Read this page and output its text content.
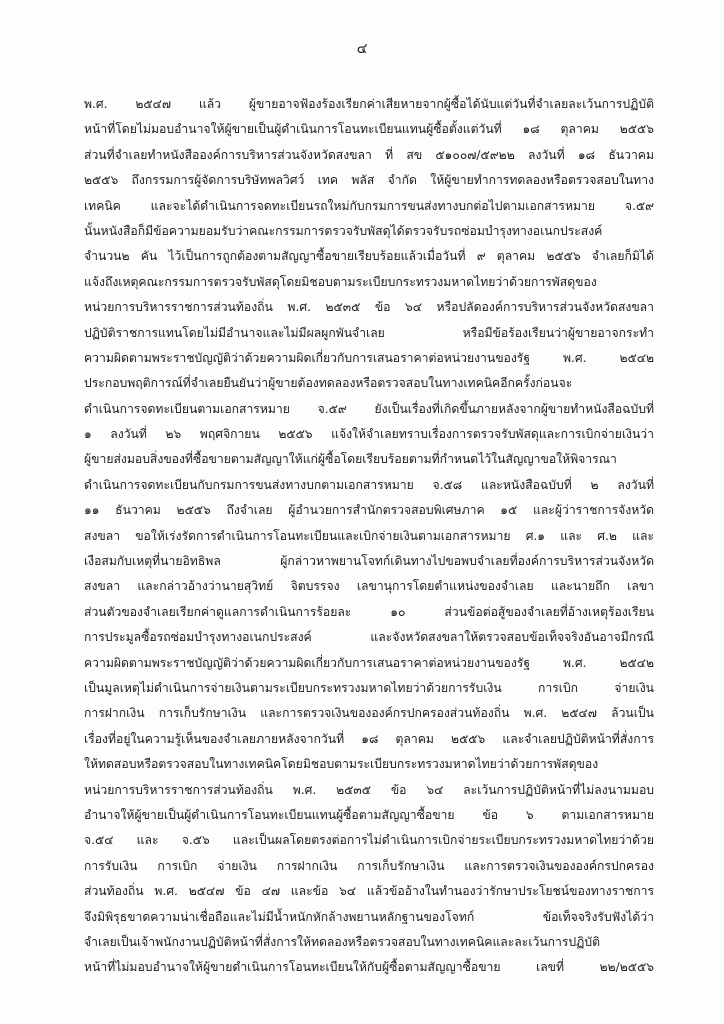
๔
พ.ศ. ๒๕๔๗ แล้ว ผู้ขายอาจฟ้องร้องเรียกค่าเสียหายจากผู้ซื้อได้นับแต่วันที่จำเลยละเว้นการปฏิบัติ
หน้าที่โดยไม่มอบอำนาจให้ผู้ขายเป็นผู้ดำเนินการโอนทะเบียนแทนผู้ซื้อตั้งแต่วันที่ ๑๘ ตุลาคม ๒๕๕๖
ส่วนที่จำเลยทำหนังสือองค์การบริหารส่วนจังหวัดสงขลา ที่ สข ๕๑๐๐๗/๕๙๒๒ ลงวันที่ ๑๘ ธันวาคม
๒๕๕๖ ถึงกรรมการผู้จัดการบริษัทพลวิศว์ เทค พลัส จำกัด ให้ผู้ขายทำการทดลองหรือตรวจสอบในทาง
เทคนิค และจะได้ดำเนินการจดทะเบียนรถใหม่กับกรมการขนส่งทางบกต่อไปตามเอกสารหมาย จ.๕๙
นั้นหนังสือก็มีข้อความยอมรับว่าคณะกรรมการตรวจรับพัสดุได้ตรวจรับรถซ่อมบำรุงทางอเนกประสงค์
จำนวน๒ คัน ไว้เป็นการถูกต้องตามสัญญาซื้อขายเรียบร้อยแล้วเมื่อวันที่ ๙ ตุลาคม ๒๕๕๖ จำเลยก็มิได้
แจ้งถึงเหตุคณะกรรมการตรวจรับพัสดุโดยมิชอบตามระเบียบกระทรวงมหาดไทยว่าด้วยการพัสดุของ
หน่วยการบริหารราชการส่วนท้องถิ่น พ.ศ. ๒๕๓๕ ข้อ ๖๔ หรือปลัดองค์การบริหารส่วนจังหวัดสงขลา
ปฏิบัติราชการแทนโดยไม่มีอำนาจและไม่มีผลผูกพันจำเลย หรือมีข้อร้องเรียนว่าผู้ขายอาจกระทำ
ความผิดตามพระราชบัญญัติว่าด้วยความผิดเกี่ยวกับการเสนอราคาต่อหน่วยงานของรัฐ พ.ศ. ๒๕๔๒
ประกอบพฤติการณ์ที่จำเลยยืนยันว่าผู้ขายต้องทดลองหรือตรวจสอบในทางเทคนิคอีกครั้งก่อนจะ
ดำเนินการจดทะเบียนตามเอกสารหมาย จ.๕๙ ยังเป็นเรื่องที่เกิดขึ้นภายหลังจากผู้ขายทำหนังสือฉบับที่
๑ ลงวันที่ ๒๖ พฤศจิกายน ๒๕๕๖ แจ้งให้จำเลยทราบเรื่องการตรวจรับพัสดุและการเบิกจ่ายเงินว่า
ผู้ขายส่งมอบสิ่งของที่ซื้อขายตามสัญญาให้แก่ผู้ซื้อโดยเรียบร้อยตามที่กำหนดไว้ในสัญญาขอให้พิจารณา
ดำเนินการจดทะเบียนกับกรมการขนส่งทางบกตามเอกสารหมาย จ.๕๘ และหนังสือฉบับที่ ๒ ลงวันที่
๑๑ ธันวาคม ๒๕๕๖ ถึงจำเลย ผู้อำนวยการสำนักตรวจสอบพิเศษภาค ๑๕ และผู้ว่าราชการจังหวัด
สงขลา ขอให้เร่งรัดการดำเนินการโอนทะเบียนและเบิกจ่ายเงินตามเอกสารหมาย ศ.๑ และ ศ.๒ และ
เงือสมกับเหตุที่นายอิทธิพล ผู้กล่าวหาพยานโจทก์เดินทางไปขอพบจำเลยที่องค์การบริหารส่วนจังหวัด
สงขลา และกล่าวอ้างว่านายสุวิทย์ จิตบรรจง เลขานุการโดยตำแหน่งของจำเลย และนายถึก เลขา
ส่วนตัวของจำเลยเรียกค่าดูแลการดำเนินการร้อยละ ๑๐ ส่วนข้อต่อสู้ของจำเลยที่อ้างเหตุร้องเรียน
การประมูลซื้อรถซ่อมบำรุงทางอเนกประสงค์ และจังหวัดสงขลาให้ตรวจสอบข้อเท็จจริงอันอาจมีกรณี
ความผิดตามพระราชบัญญัติว่าด้วยความผิดเกี่ยวกับการเสนอราคาต่อหน่วยงานของรัฐ พ.ศ. ๒๕๔๒
เป็นมูลเหตุไม่ดำเนินการจ่ายเงินตามระเบียบกระทรวงมหาดไทยว่าด้วยการรับเงิน การเบิก จ่ายเงิน
การฝากเงิน การเก็บรักษาเงิน และการตรวจเงินขององค์กรปกครองส่วนท้องถิ่น พ.ศ. ๒๕๔๗ ล้วนเป็น
เรื่องที่อยู่ในความรู้เห็นของจำเลยภายหลังจากวันที่ ๑๘ ตุลาคม ๒๕๕๖ และจำเลยปฏิบัติหน้าที่สั่งการ
ให้ทดสอบหรือตรวจสอบในทางเทคนิคโดยมิชอบตามระเบียบกระทรวงมหาดไทยว่าด้วยการพัสดุของ
หน่วยการบริหารราชการส่วนท้องถิ่น พ.ศ. ๒๕๓๕ ข้อ ๖๔ ละเว้นการปฏิบัติหน้าที่ไม่ลงนามมอบ
อำนาจให้ผู้ขายเป็นผู้ดำเนินการโอนทะเบียนแทนผู้ซื้อตามสัญญาซื้อขาย ข้อ ๖ ตามเอกสารหมาย
จ.๕๔ และ จ.๕๖ และเป็นผลโดยตรงต่อการไม่ดำเนินการเบิกจ่ายระเบียบกระทรวงมหาดไทยว่าด้วย
การรับเงิน การเบิก จ่ายเงิน การฝากเงิน การเก็บรักษาเงิน และการตรวจเงินขององค์กรปกครอง
ส่วนท้องถิ่น พ.ศ. ๒๕๔๗ ข้อ ๔๗ และข้อ ๖๔ แล้วข้ออ้างในทำนองว่ารักษาประโยชน์ของทางราชการ
จึงมิพิรุธขาดความน่าเชื่อถือและไม่มีน้ำหนักหักล้างพยานหลักฐานของโจทก์ ข้อเท็จจริงรับฟังได้ว่า
จำเลยเป็นเจ้าพนักงานปฏิบัติหน้าที่สั่งการให้ทดลองหรือตรวจสอบในทางเทคนิคและละเว้นการปฏิบัติ
หน้าที่ไม่มอบอำนาจให้ผู้ขายดำเนินการโอนทะเบียนให้กับผู้ซื้อตามสัญญาซื้อขาย เลขที่ ๒๒/๒๕๕๖
